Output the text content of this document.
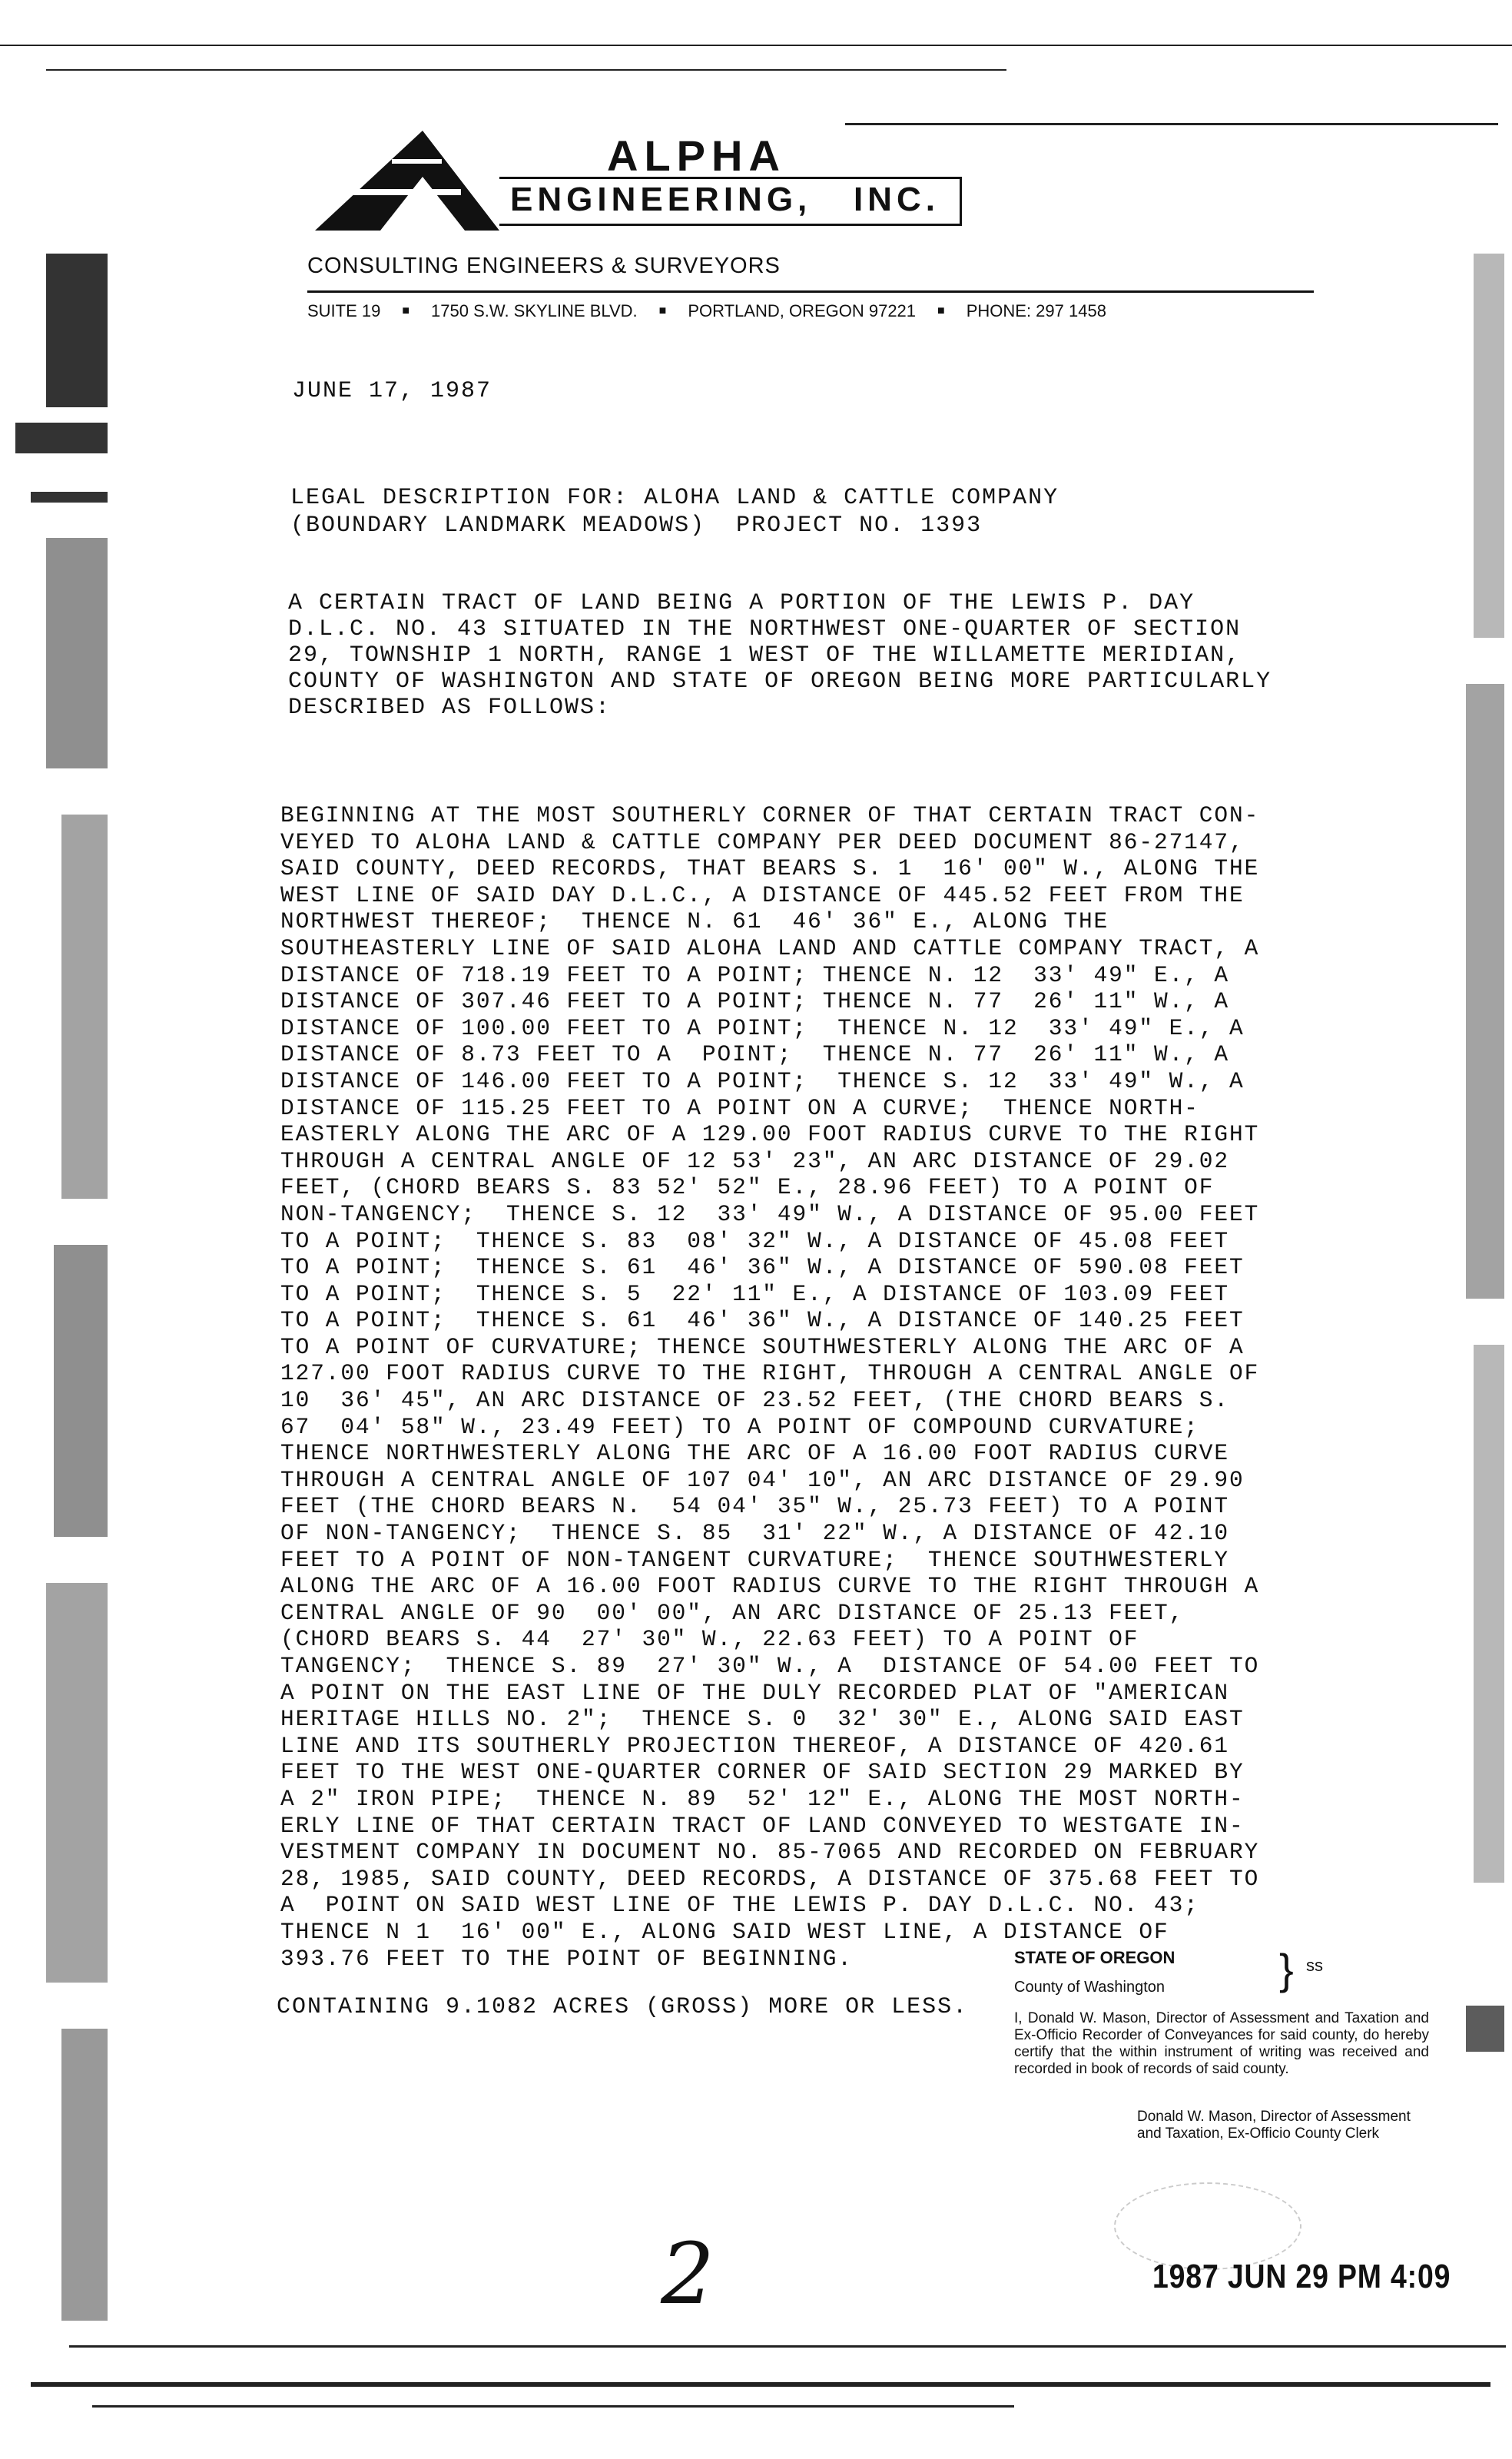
ALPHA
ENGINEERING,   INC.
CONSULTING ENGINEERS & SURVEYORS
SUITE 19 ■ 1750 S.W. SKYLINE BLVD. ■ PORTLAND, OREGON 97221 ■ PHONE: 297 1458
JUNE 17, 1987
LEGAL DESCRIPTION FOR: ALOHA LAND & CATTLE COMPANY
(BOUNDARY LANDMARK MEADOWS)  PROJECT NO. 1393
A CERTAIN TRACT OF LAND BEING A PORTION OF THE LEWIS P. DAY
D.L.C. NO. 43 SITUATED IN THE NORTHWEST ONE-QUARTER OF SECTION
29, TOWNSHIP 1 NORTH, RANGE 1 WEST OF THE WILLAMETTE MERIDIAN,
COUNTY OF WASHINGTON AND STATE OF OREGON BEING MORE PARTICULARLY
DESCRIBED AS FOLLOWS:
BEGINNING AT THE MOST SOUTHERLY CORNER OF THAT CERTAIN TRACT CON-
VEYED TO ALOHA LAND & CATTLE COMPANY PER DEED DOCUMENT 86-27147,
SAID COUNTY, DEED RECORDS, THAT BEARS S. 1  16' 00" W., ALONG THE
WEST LINE OF SAID DAY D.L.C., A DISTANCE OF 445.52 FEET FROM THE
NORTHWEST THEREOF;  THENCE N. 61  46' 36" E., ALONG THE
SOUTHEASTERLY LINE OF SAID ALOHA LAND AND CATTLE COMPANY TRACT, A
DISTANCE OF 718.19 FEET TO A POINT; THENCE N. 12  33' 49" E., A
DISTANCE OF 307.46 FEET TO A POINT; THENCE N. 77  26' 11" W., A
DISTANCE OF 100.00 FEET TO A POINT;  THENCE N. 12  33' 49" E., A
DISTANCE OF 8.73 FEET TO A  POINT;  THENCE N. 77  26' 11" W., A
DISTANCE OF 146.00 FEET TO A POINT;  THENCE S. 12  33' 49" W., A
DISTANCE OF 115.25 FEET TO A POINT ON A CURVE;  THENCE NORTH-
EASTERLY ALONG THE ARC OF A 129.00 FOOT RADIUS CURVE TO THE RIGHT
THROUGH A CENTRAL ANGLE OF 12 53' 23", AN ARC DISTANCE OF 29.02
FEET, (CHORD BEARS S. 83 52' 52" E., 28.96 FEET) TO A POINT OF
NON-TANGENCY;  THENCE S. 12  33' 49" W., A DISTANCE OF 95.00 FEET
TO A POINT;  THENCE S. 83  08' 32" W., A DISTANCE OF 45.08 FEET
TO A POINT;  THENCE S. 61  46' 36" W., A DISTANCE OF 590.08 FEET
TO A POINT;  THENCE S. 5  22' 11" E., A DISTANCE OF 103.09 FEET
TO A POINT;  THENCE S. 61  46' 36" W., A DISTANCE OF 140.25 FEET
TO A POINT OF CURVATURE; THENCE SOUTHWESTERLY ALONG THE ARC OF A
127.00 FOOT RADIUS CURVE TO THE RIGHT, THROUGH A CENTRAL ANGLE OF
10  36' 45", AN ARC DISTANCE OF 23.52 FEET, (THE CHORD BEARS S.
67  04' 58" W., 23.49 FEET) TO A POINT OF COMPOUND CURVATURE;
THENCE NORTHWESTERLY ALONG THE ARC OF A 16.00 FOOT RADIUS CURVE
THROUGH A CENTRAL ANGLE OF 107 04' 10", AN ARC DISTANCE OF 29.90
FEET (THE CHORD BEARS N.  54 04' 35" W., 25.73 FEET) TO A POINT
OF NON-TANGENCY;  THENCE S. 85  31' 22" W., A DISTANCE OF 42.10
FEET TO A POINT OF NON-TANGENT CURVATURE;  THENCE SOUTHWESTERLY
ALONG THE ARC OF A 16.00 FOOT RADIUS CURVE TO THE RIGHT THROUGH A
CENTRAL ANGLE OF 90  00' 00", AN ARC DISTANCE OF 25.13 FEET,
(CHORD BEARS S. 44  27' 30" W., 22.63 FEET) TO A POINT OF
TANGENCY;  THENCE S. 89  27' 30" W., A  DISTANCE OF 54.00 FEET TO
A POINT ON THE EAST LINE OF THE DULY RECORDED PLAT OF "AMERICAN
HERITAGE HILLS NO. 2";  THENCE S. 0  32' 30" E., ALONG SAID EAST
LINE AND ITS SOUTHERLY PROJECTION THEREOF, A DISTANCE OF 420.61
FEET TO THE WEST ONE-QUARTER CORNER OF SAID SECTION 29 MARKED BY
A 2" IRON PIPE;  THENCE N. 89  52' 12" E., ALONG THE MOST NORTH-
ERLY LINE OF THAT CERTAIN TRACT OF LAND CONVEYED TO WESTGATE IN-
VESTMENT COMPANY IN DOCUMENT NO. 85-7065 AND RECORDED ON FEBRUARY
28, 1985, SAID COUNTY, DEED RECORDS, A DISTANCE OF 375.68 FEET TO
A  POINT ON SAID WEST LINE OF THE LEWIS P. DAY D.L.C. NO. 43;
THENCE N 1  16' 00" E., ALONG SAID WEST LINE, A DISTANCE OF
393.76 FEET TO THE POINT OF BEGINNING.
CONTAINING 9.1082 ACRES (GROSS) MORE OR LESS.
STATE OF OREGON	} ss
County of Washington
I, Donald W. Mason, Director of Assessment and Taxation and Ex-Officio Recorder of Conveyances for said county, do hereby certify that the within instrument of writing was received and recorded in book of records of said county.
Donald W. Mason, Director of Assessment and Taxation, Ex-Officio County Clerk
2	1987 JUN 29 PM 4:09
